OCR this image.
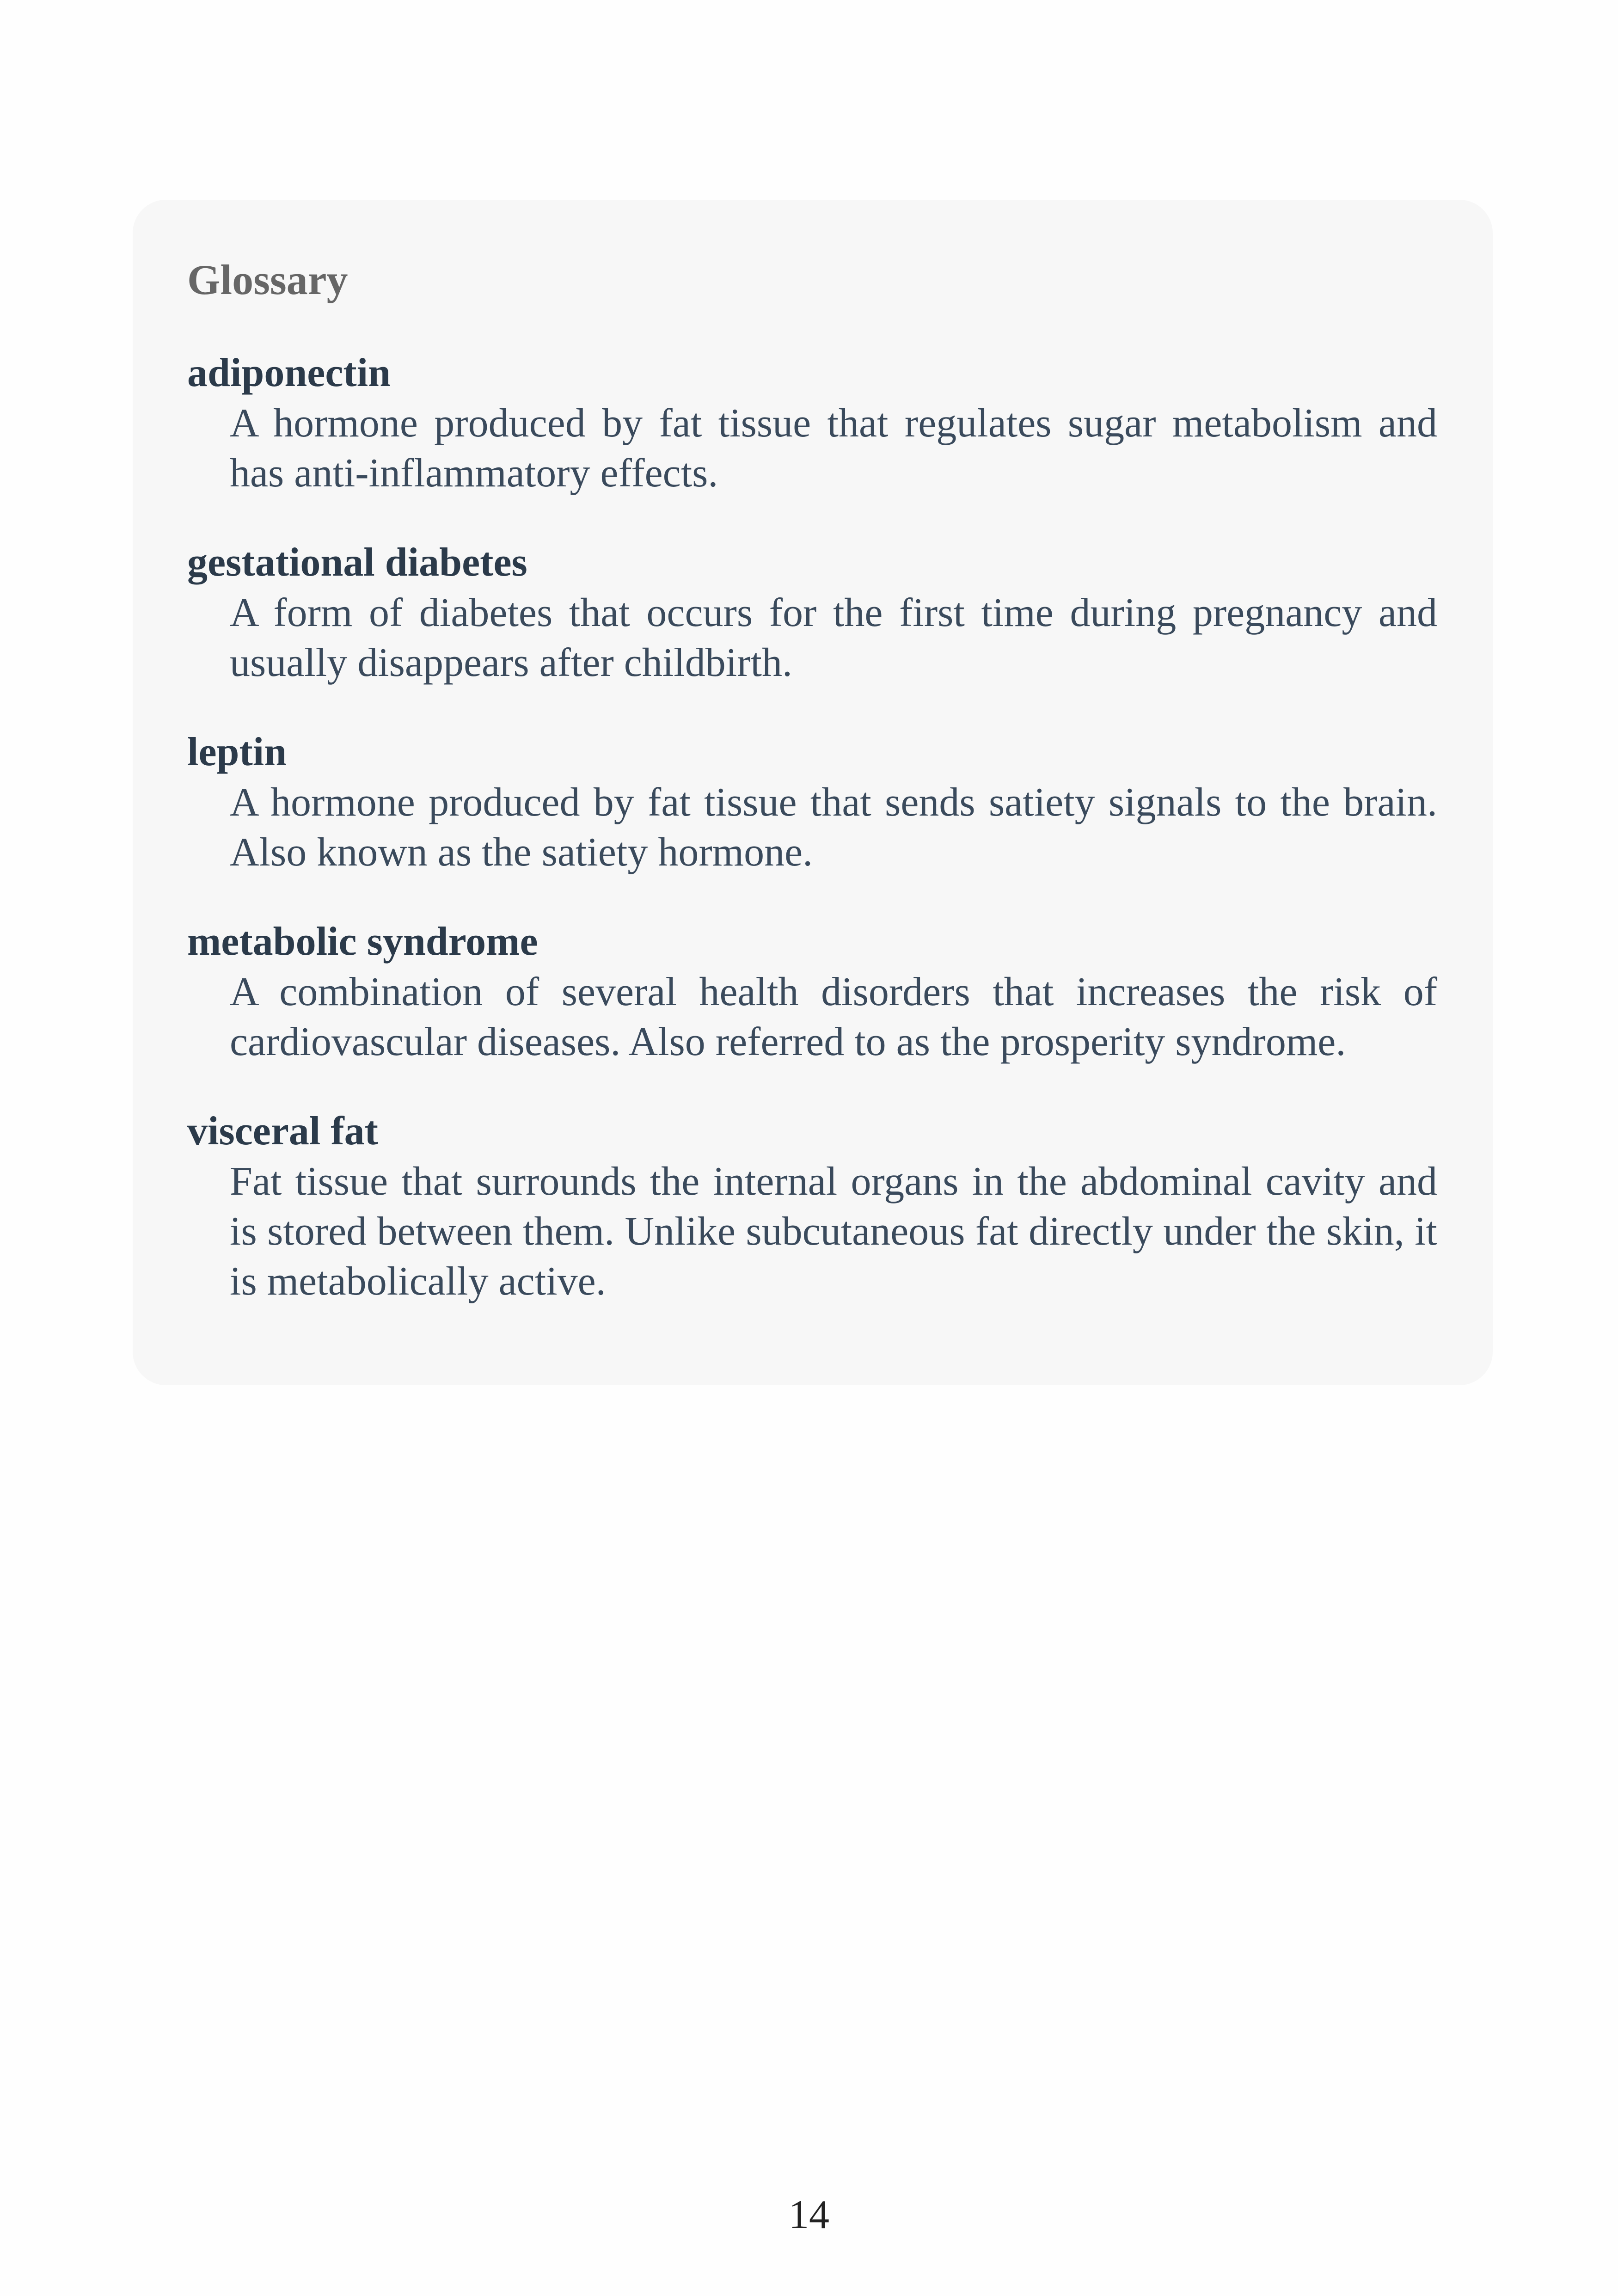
Glossary
adiponectin
A hormone produced by fat tissue that regulates sugar metabolism and has anti-inflammatory effects.
gestational diabetes
A form of diabetes that occurs for the first time during pregnancy and usually disappears after childbirth.
leptin
A hormone produced by fat tissue that sends satiety signals to the brain. Also known as the satiety hormone.
metabolic syndrome
A combination of several health disorders that increases the risk of cardiovascular diseases. Also referred to as the prosperity syndrome.
visceral fat
Fat tissue that surrounds the internal organs in the abdominal cavity and is stored between them. Unlike subcutaneous fat directly under the skin, it is metabolically active.
14
